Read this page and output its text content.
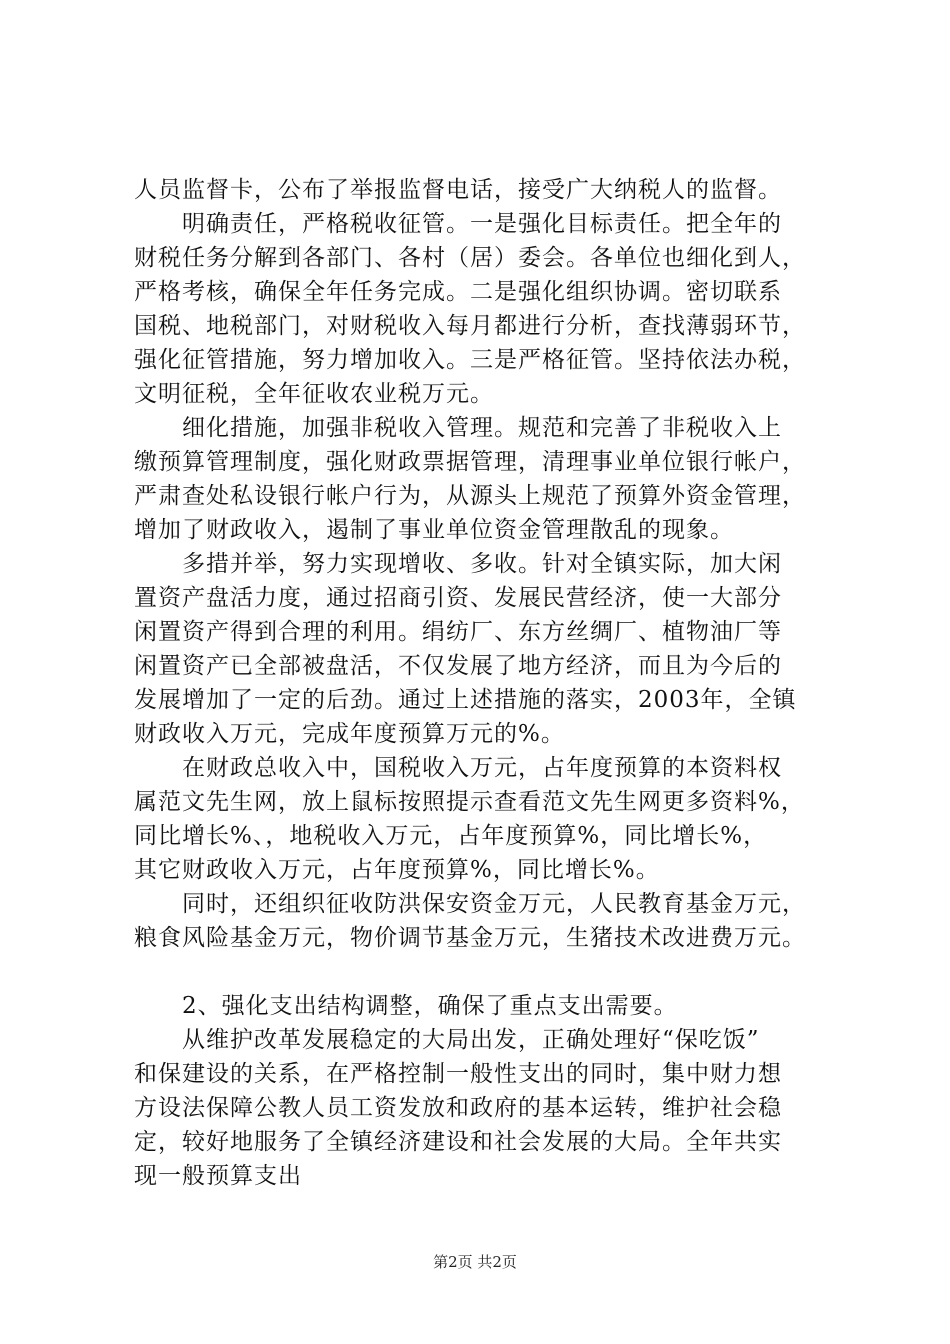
人员监督卡，公布了举报监督电话，接受广大纳税人的监督。
明确责任，严格税收征管。一是强化目标责任。把全年的
财税任务分解到各部门、各村（居）委会。各单位也细化到人，
严格考核，确保全年任务完成。二是强化组织协调。密切联系
国税、地税部门，对财税收入每月都进行分析，查找薄弱环节，
强化征管措施，努力增加收入。三是严格征管。坚持依法办税，
文明征税，全年征收农业税万元。
细化措施，加强非税收入管理。规范和完善了非税收入上
缴预算管理制度，强化财政票据管理，清理事业单位银行帐户，
严肃查处私设银行帐户行为，从源头上规范了预算外资金管理，
增加了财政收入，遏制了事业单位资金管理散乱的现象。
多措并举，努力实现增收、多收。针对全镇实际，加大闲
置资产盘活力度，通过招商引资、发展民营经济，使一大部分
闲置资产得到合理的利用。绢纺厂、东方丝绸厂、植物油厂等
闲置资产已全部被盘活，不仅发展了地方经济，而且为今后的
发展增加了一定的后劲。通过上述措施的落实，2003年，全镇
财政收入万元，完成年度预算万元的%。
在财政总收入中，国税收入万元，占年度预算的本资料权
属范文先生网，放上鼠标按照提示查看范文先生网更多资料%，
同比增长%、，地税收入万元，占年度预算%，同比增长%，
其它财政收入万元，占年度预算%，同比增长%。
同时，还组织征收防洪保安资金万元，人民教育基金万元，
粮食风险基金万元，物价调节基金万元，生猪技术改进费万元。
2、强化支出结构调整，确保了重点支出需要。
从维护改革发展稳定的大局出发，正确处理好“保吃饭”
和保建设的关系，在严格控制一般性支出的同时，集中财力想
方设法保障公教人员工资发放和政府的基本运转，维护社会稳
定，较好地服务了全镇经济建设和社会发展的大局。全年共实
现一般预算支出
第2页 共2页
